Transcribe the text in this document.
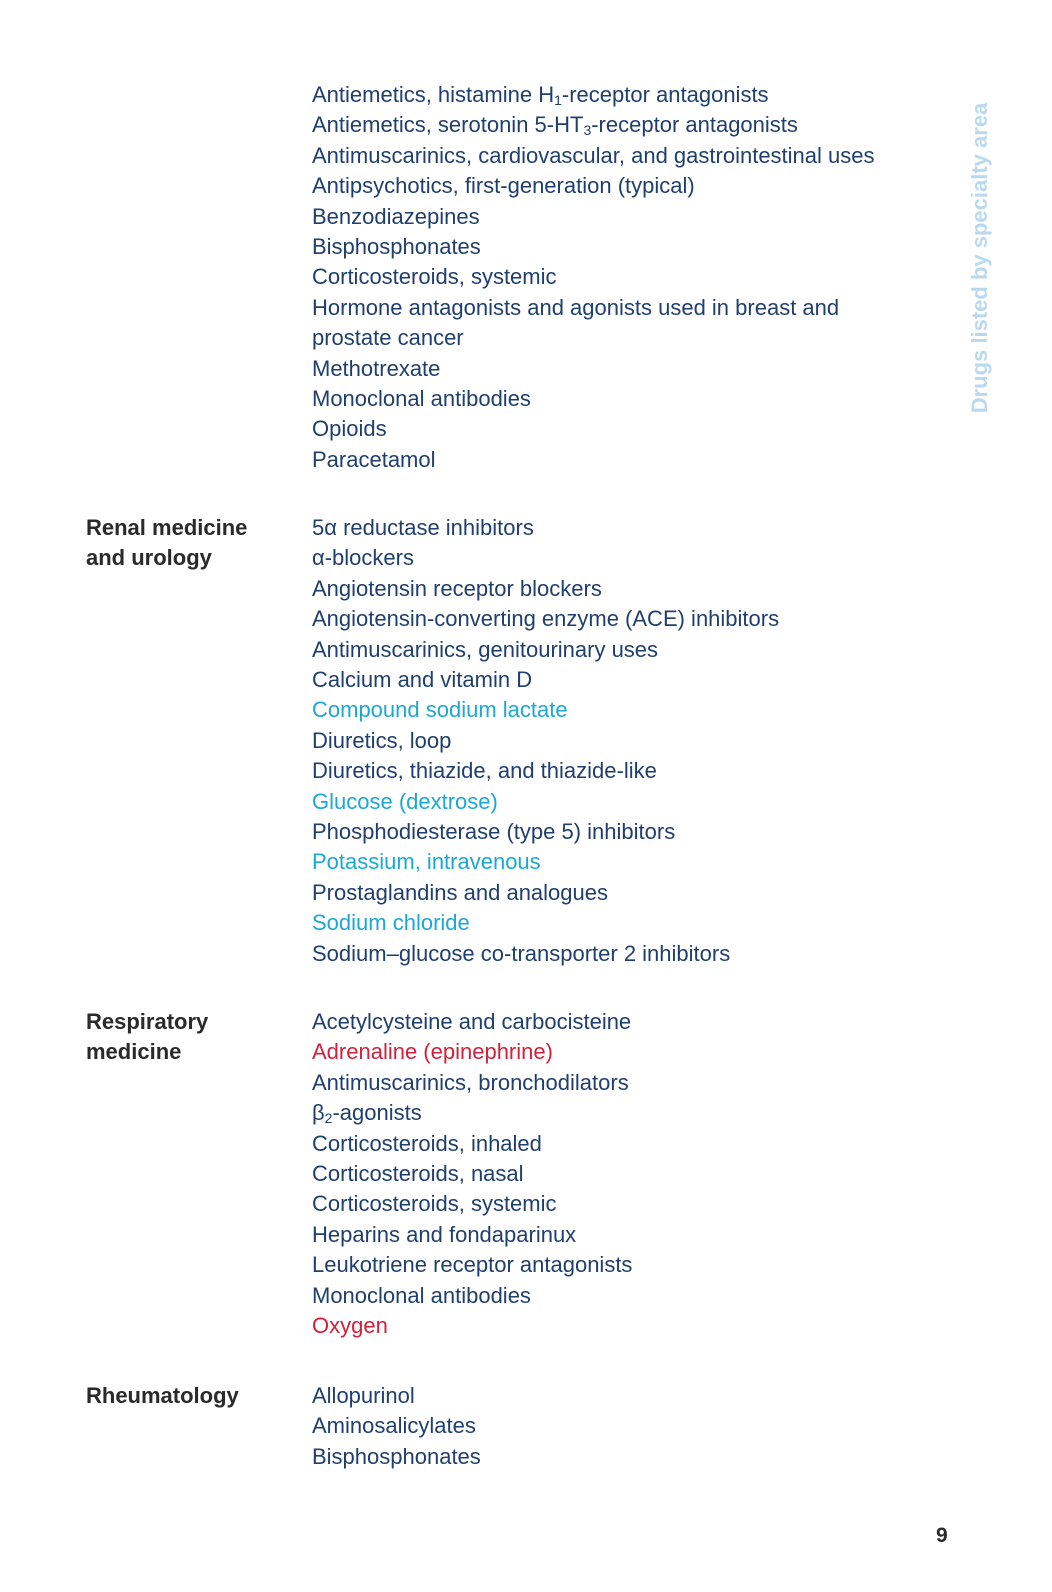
Antiemetics, histamine $H_1$-receptor antagonists
Antiemetics, serotonin $5-HT_3$-receptor antagonists
Antimuscarinics, cardiovascular, and gastrointestinal uses
Antipsychotics, first-generation (typical)
Benzodiazepines
Bisphosphonates
Corticosteroids, systemic
Hormone antagonists and agonists used in breast and prostate cancer
Methotrexate
Monoclonal antibodies
Opioids
Paracetamol
Renal medicine
and urology
5α reductase inhibitors
α-blockers
Angiotensin receptor blockers
Angiotensin-converting enzyme (ACE) inhibitors
Antimuscarinics, genitourinary uses
Calcium and vitamin D
Compound sodium lactate
Diuretics, loop
Diuretics, thiazide, and thiazide-like
Glucose (dextrose)
Phosphodiesterase (type 5) inhibitors
Potassium, intravenous
Prostaglandins and analogues
Sodium chloride
Sodium–glucose co-transporter 2 inhibitors
Respiratory
medicine
Acetylcysteine and carbocisteine
Adrenaline (epinephrine)
Antimuscarinics, bronchodilators
$\beta_2$-agonists
Corticosteroids, inhaled
Corticosteroids, nasal
Corticosteroids, systemic
Heparins and fondaparinux
Leukotriene receptor antagonists
Monoclonal antibodies
Oxygen
Rheumatology	Allopurinol
Aminosalicylates
Bisphosphonates
Drugs listed by specialty area
9
